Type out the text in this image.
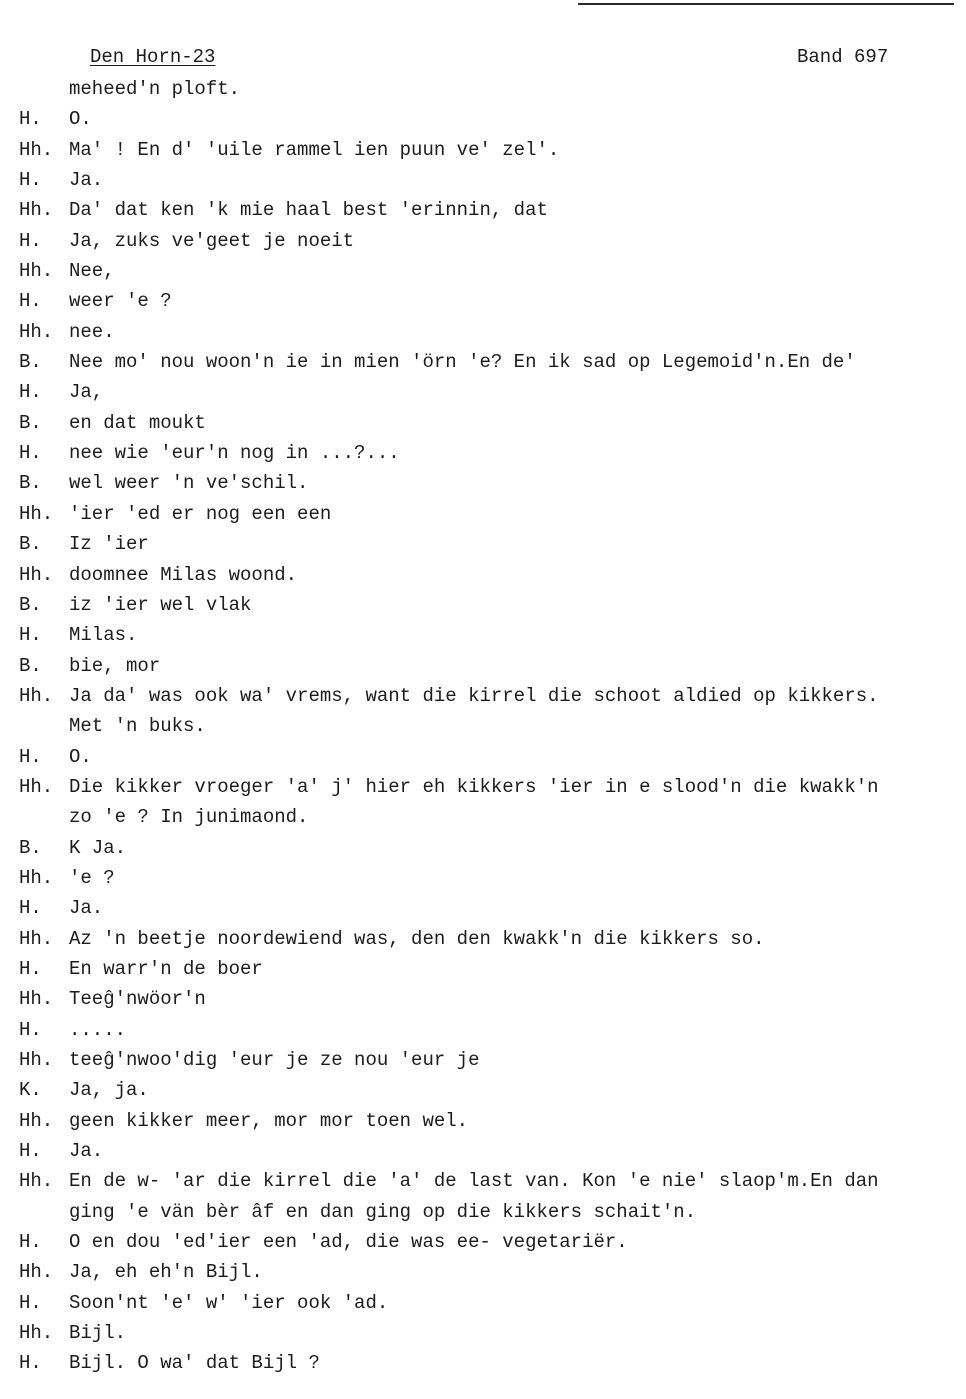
Den Horn-23	Band 697
meheed'n ploft.
H. O.
Hh. Ma' ! En d' 'uile rammel ien puun ve' zel'.
H. Ja.
Hh. Da' dat ken 'k mie haal best 'erinnin, dat
H. Ja, zuks ve'geet je noeit
Hh. Nee,
H. weer 'e ?
Hh. nee.
B. Nee mo' nou woon'n ie in mien 'örn 'e? En ik sad op Legemoid'n.En de'
H. Ja,
B. en dat moukt
H. nee wie 'eur'n nog in ...?...
B. wel weer 'n ve'schil.
Hh. 'ier 'ed er nog een een
B. Iz 'ier
Hh. doomnee Milas woond.
B. iz 'ier wel vlak
H. Milas.
B. bie, mor
Hh. Ja da' was ook wa' vrems, want die kirrel die schoot aldied op kikkers.
Met 'n buks.
H. O.
Hh. Die kikker vroeger 'a' j' hier eh kikkers 'ier in e slood'n die kwakk'n
zo 'e ? In junimaond.
B. K Ja.
Hh. 'e ?
H. Ja.
Hh. Az 'n beetje noordewiend was, den den kwakk'n die kikkers so.
H. En warr'n de boer
Hh. Teeĝ'nwöor'n
H. .....
Hh. teeĝ'nwoo'dig 'eur je ze nou 'eur je
K. Ja, ja.
Hh. geen kikker meer, mor mor toen wel.
H. Ja.
Hh. En de w- 'ar die kirrel die 'a' de last van. Kon 'e nie' slaop'm.En dan
ging 'e vän bèr âf en dan ging op die kikkers schait'n.
H. O en dou 'ed'ier een 'ad, die was ee- vegetariër.
Hh. Ja, eh eh'n Bijl.
H. Soon'nt 'e' w' 'ier ook 'ad.
Hh. Bijl.
H. Bijl. O wa' dat Bijl ?
